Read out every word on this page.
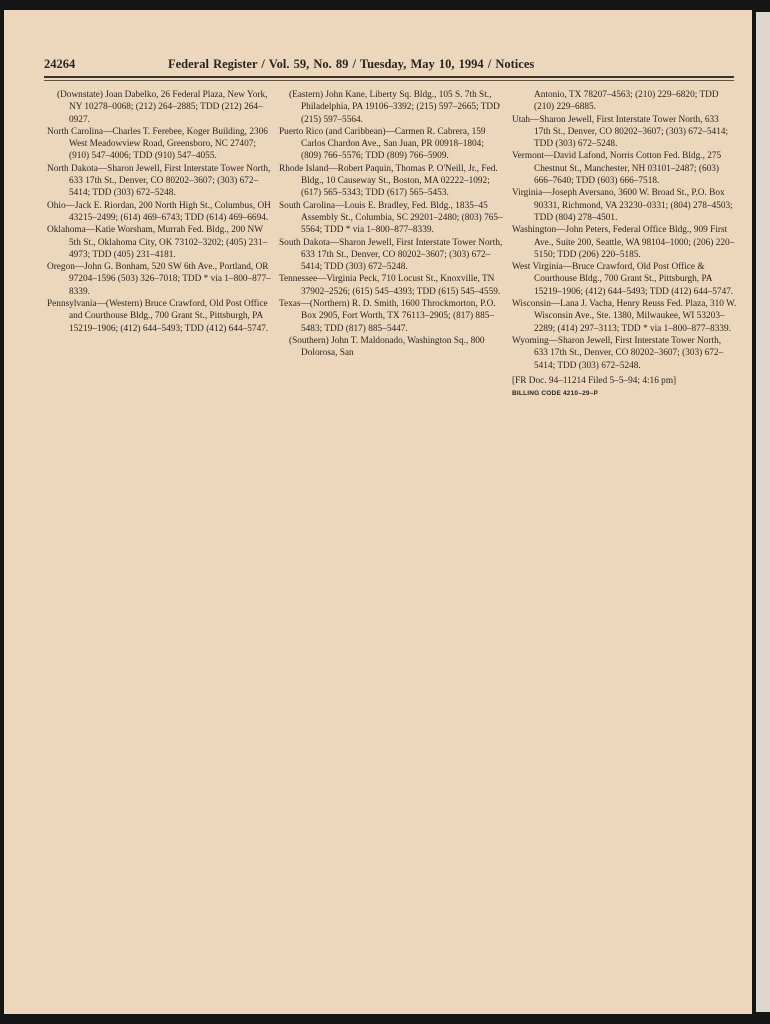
24264	Federal Register / Vol. 59, No. 89 / Tuesday, May 10, 1994 / Notices

(Downstate) Joan Dabelko, 26 Federal Plaza, New York, NY 10278–0068; (212) 264–2885; TDD (212) 264–0927.

North Carolina—Charles T. Ferebee, Koger Building, 2306 West Meadowview Road, Greensboro, NC 27407; (910) 547–4006; TDD (910) 547–4055.

North Dakota—Sharon Jewell, First Interstate Tower North, 633 17th St., Denver, CO 80202–3607; (303) 672–5414; TDD (303) 672–5248.

Ohio—Jack E. Riordan, 200 North High St., Columbus, OH 43215–2499; (614) 469–6743; TDD (614) 469–6694.

Oklahoma—Katie Worsham, Murrah Fed. Bldg., 200 NW 5th St., Oklahoma City, OK 73102–3202; (405) 231–4973; TDD (405) 231–4181.

Oregon—John G. Bonham, 520 SW 6th Ave., Portland, OR 97204–1596 (503) 326–7018; TDD * via 1–800–877–8339.

Pennsylvania—(Western) Bruce Crawford, Old Post Office and Courthouse Bldg., 700 Grant St., Pittsburgh, PA 15219–1906; (412) 644–5493; TDD (412) 644–5747.

(Eastern) John Kane, Liberty Sq. Bldg., 105 S. 7th St., Philadelphia, PA 19106–3392; (215) 597–2665; TDD (215) 597–5564.

Puerto Rico (and Caribbean)—Carmen R. Cabrera, 159 Carlos Chardon Ave., San Juan, PR 00918–1804; (809) 766–5576; TDD (809) 766–5909.

Rhode Island—Robert Paquin, Thomas P. O'Neill, Jr., Fed. Bldg., 10 Causeway St., Boston, MA 02222–1092; (617) 565–5343; TDD (617) 565–5453.

South Carolina—Louis E. Bradley, Fed. Bldg., 1835–45 Assembly St., Columbia, SC 29201–2480; (803) 765–5564; TDD * via 1–800–877–8339.

South Dakota—Sharon Jewell, First Interstate Tower North, 633 17th St., Denver, CO 80202–3607; (303) 672–5414; TDD (303) 672–5248.

Tennessee—Virginia Peck, 710 Locust St., Knoxville, TN 37902–2526; (615) 545–4393; TDD (615) 545–4559.

Texas—(Northern) R. D. Smith, 1600 Throckmorton, P.O. Box 2905, Fort Worth, TX 76113–2905; (817) 885–5483; TDD (817) 885–5447.

(Southern) John T. Maldonado, Washington Sq., 800 Dolorosa, San

Antonio, TX 78207–4563; (210) 229–6820; TDD (210) 229–6885.

Utah—Sharon Jewell, First Interstate Tower North, 633 17th St., Denver, CO 80202–3607; (303) 672–5414; TDD (303) 672–5248.

Vermont—David Lafond, Norris Cotton Fed. Bldg., 275 Chestnut St., Manchester, NH 03101–2487; (603) 666–7640; TDD (603) 666–7518.

Virginia—Joseph Aversano, 3600 W. Broad St., P.O. Box 90331, Richmond, VA 23230–0331; (804) 278–4503; TDD (804) 278–4501.

Washington—John Peters, Federal Office Bldg., 909 First Ave., Suite 200, Seattle, WA 98104–1000; (206) 220–5150; TDD (206) 220–5185.

West Virginia—Bruce Crawford, Old Post Office & Courthouse Bldg., 700 Grant St., Pittsburgh, PA 15219–1906; (412) 644–5493; TDD (412) 644–5747.

Wisconsin—Lana J. Vacha, Henry Reuss Fed. Plaza, 310 W. Wisconsin Ave., Ste. 1380, Milwaukee, WI 53203–2289; (414) 297–3113; TDD * via 1–800–877–8339.

Wyoming—Sharon Jewell, First Interstate Tower North, 633 17th St., Denver, CO 80202–3607; (303) 672–5414; TDD (303) 672–5248.

[FR Doc. 94–11214 Filed 5–5–94; 4:16 pm]
BILLING CODE 4210–29–P
